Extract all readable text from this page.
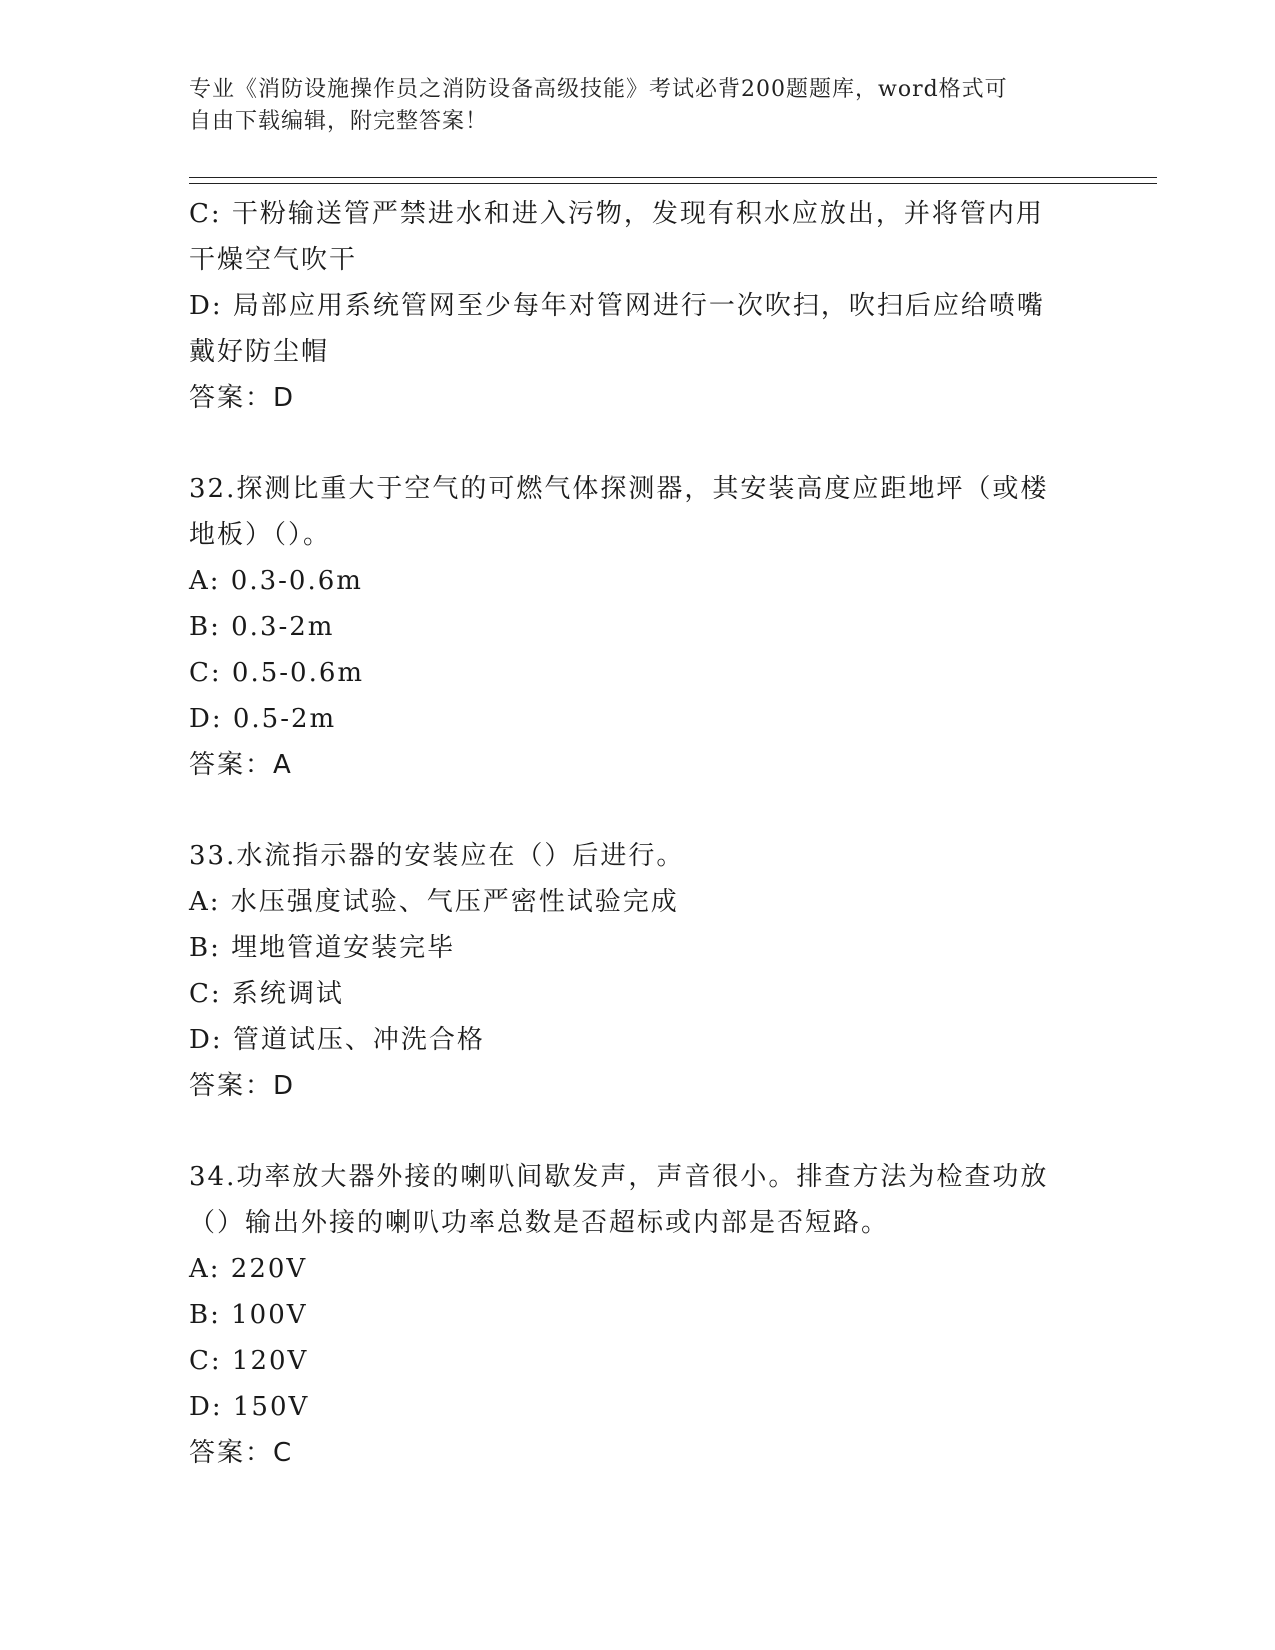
专业《消防设施操作员之消防设备高级技能》考试必背200题题库，word格式可
自由下载编辑，附完整答案！
C: 干粉输送管严禁进水和进入污物，发现有积水应放出，并将管内用
干燥空气吹干
D: 局部应用系统管网至少每年对管网进行一次吹扫，吹扫后应给喷嘴
戴好防尘帽
答案：D
32.探测比重大于空气的可燃气体探测器，其安装高度应距地坪（或楼
地板）（）。
A: 0.3-0.6m
B: 0.3-2m
C: 0.5-0.6m
D: 0.5-2m
答案：A
33.水流指示器的安装应在（）后进行。
A: 水压强度试验、气压严密性试验完成
B: 埋地管道安装完毕
C: 系统调试
D: 管道试压、冲洗合格
答案：D
34.功率放大器外接的喇叭间歇发声，声音很小。排查方法为检查功放
（）输出外接的喇叭功率总数是否超标或内部是否短路。
A: 220V
B: 100V
C: 120V
D: 150V
答案：C
